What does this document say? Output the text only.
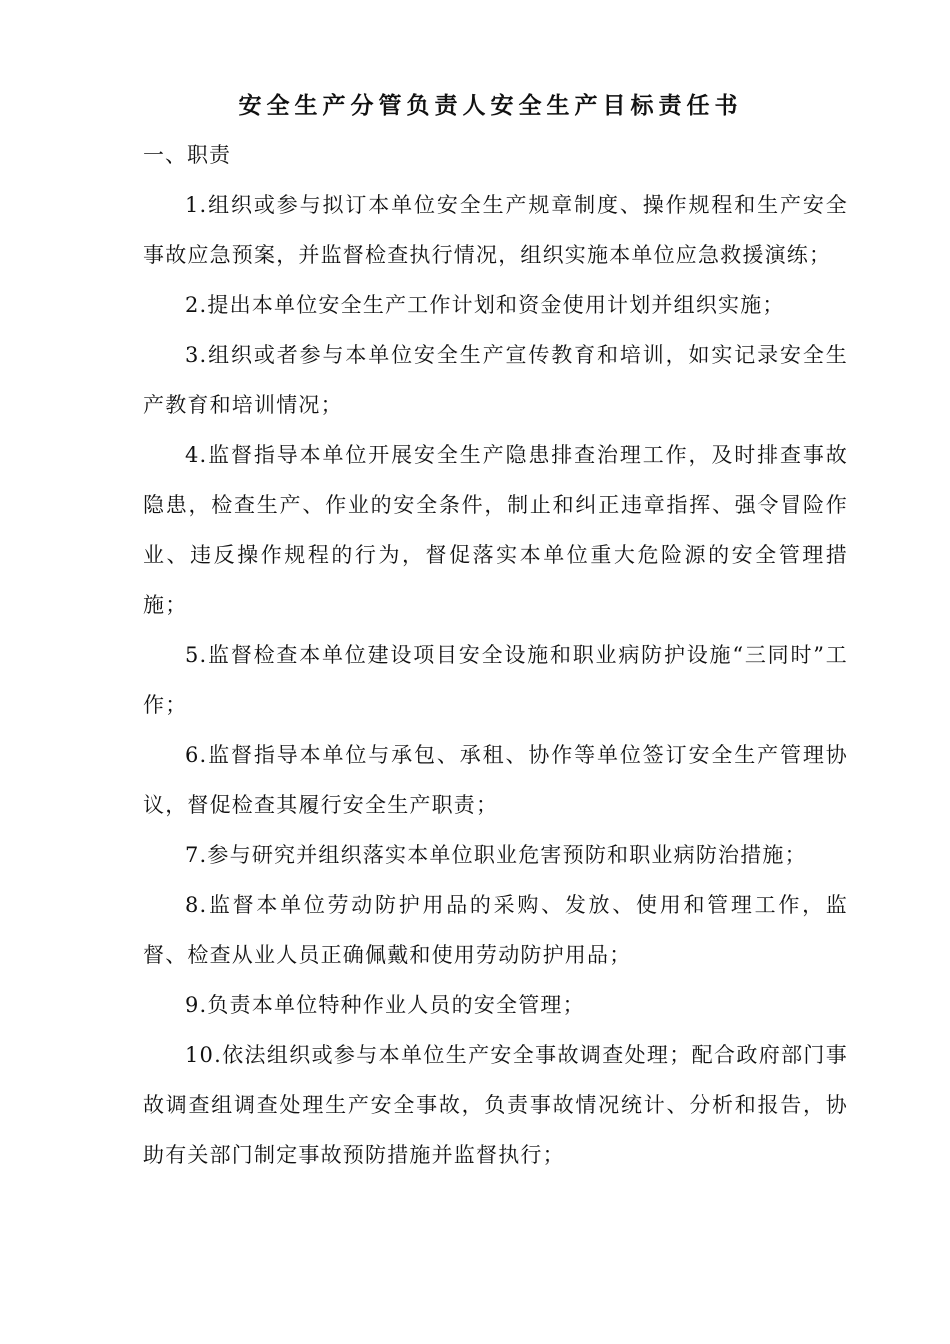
安全生产分管负责人安全生产目标责任书

一、职责

1.组织或参与拟订本单位安全生产规章制度、操作规程和生产安全事故应急预案，并监督检查执行情况，组织实施本单位应急救援演练；

2.提出本单位安全生产工作计划和资金使用计划并组织实施；

3.组织或者参与本单位安全生产宣传教育和培训，如实记录安全生产教育和培训情况；

4.监督指导本单位开展安全生产隐患排查治理工作，及时排查事故隐患，检查生产、作业的安全条件，制止和纠正违章指挥、强令冒险作业、违反操作规程的行为，督促落实本单位重大危险源的安全管理措施；

5.监督检查本单位建设项目安全设施和职业病防护设施“三同时”工作；

6.监督指导本单位与承包、承租、协作等单位签订安全生产管理协议，督促检查其履行安全生产职责；

7.参与研究并组织落实本单位职业危害预防和职业病防治措施；

8.监督本单位劳动防护用品的采购、发放、使用和管理工作，监督、检查从业人员正确佩戴和使用劳动防护用品；

9.负责本单位特种作业人员的安全管理；

10.依法组织或参与本单位生产安全事故调查处理；配合政府部门事故调查组调查处理生产安全事故，负责事故情况统计、分析和报告，协助有关部门制定事故预防措施并监督执行；
